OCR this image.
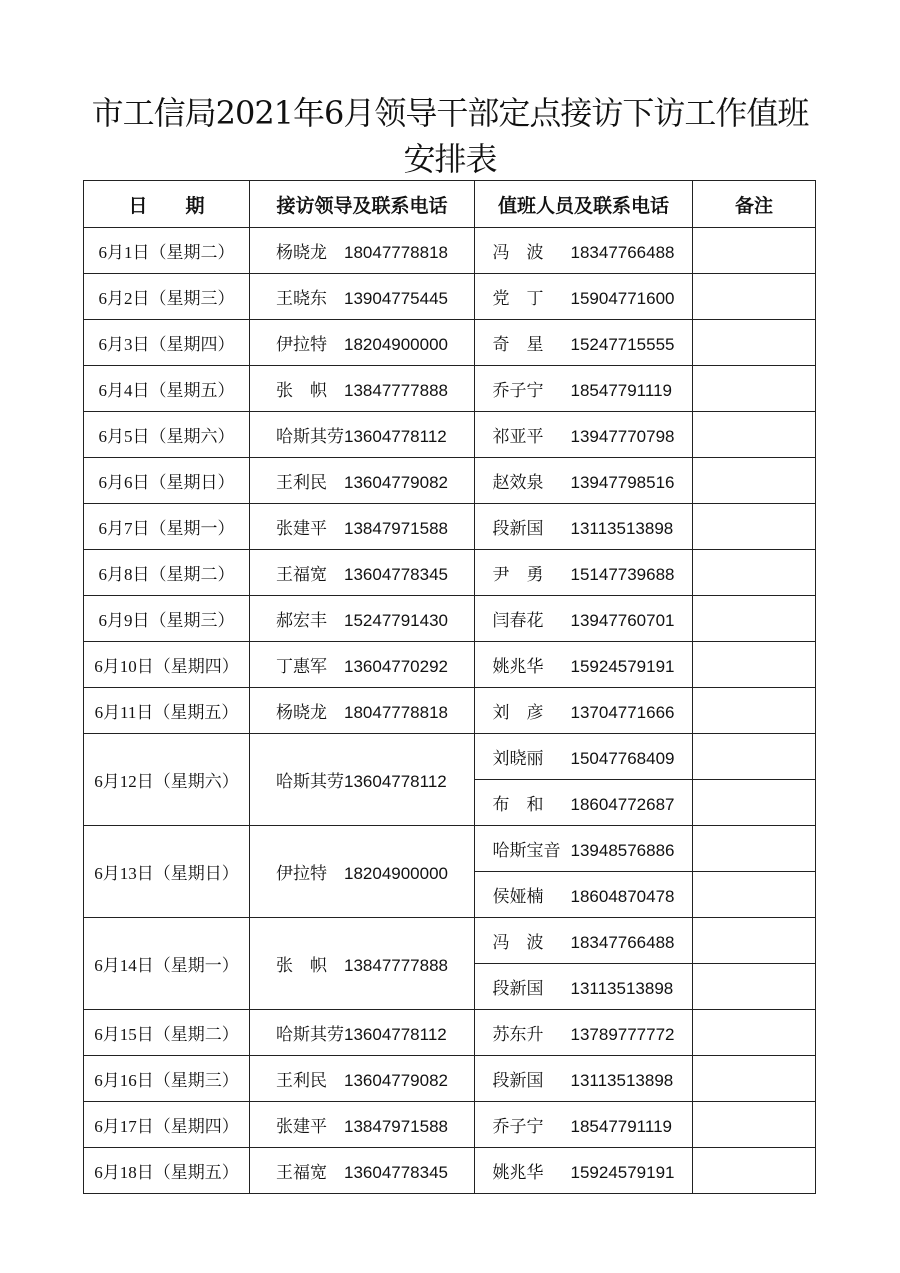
市工信局2021年6月领导干部定点接访下访工作值班安排表
日　　期	接访领导及联系电话	值班人员及联系电话	备注
6月1日（星期二）	杨晓龙 18047778818	冯　波 18347766488	
6月2日（星期三）	王晓东 13904775445	党　丁 15904771600	
6月3日（星期四）	伊拉特 18204900000	奇　星 15247715555	
6月4日（星期五）	张　帜 13847777888	乔子宁 18547791119	
6月5日（星期六）	哈斯其劳13604778112	祁亚平 13947770798	
6月6日（星期日）	王利民 13604779082	赵效泉 13947798516	
6月7日（星期一）	张建平 13847971588	段新国 13113513898	
6月8日（星期二）	王福宽 13604778345	尹　勇 15147739688	
6月9日（星期三）	郝宏丰 15247791430	闫春花 13947760701	
6月10日（星期四）	丁惠军 13604770292	姚兆华 15924579191	
6月11日（星期五）	杨晓龙 18047778818	刘　彦 13704771666	
6月12日（星期六）	哈斯其劳13604778112	刘晓丽 15047768409	
		布　和 18604772687	
6月13日（星期日）	伊拉特 18204900000	哈斯宝音 13948576886	
		侯娅楠 18604870478	
6月14日（星期一）	张　帜 13847777888	冯　波 18347766488	
		段新国 13113513898	
6月15日（星期二）	哈斯其劳13604778112	苏东升 13789777772	
6月16日（星期三）	王利民 13604779082	段新国 13113513898	
6月17日（星期四）	张建平 13847971588	乔子宁 18547791119	
6月18日（星期五）	王福宽 13604778345	姚兆华 15924579191	
